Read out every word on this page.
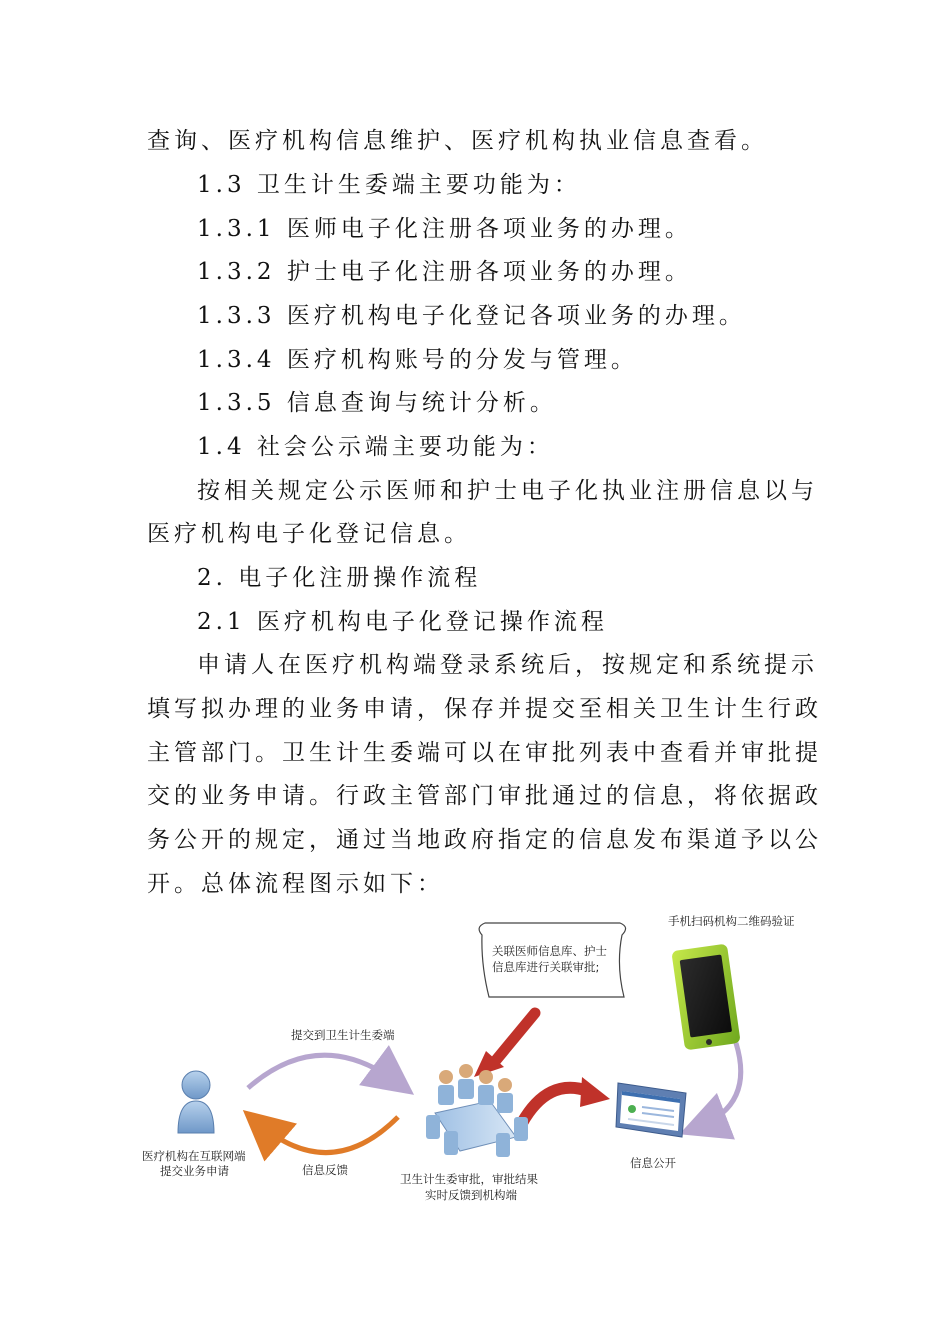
查询、医疗机构信息维护、医疗机构执业信息查看。
1.3 卫生计生委端主要功能为：
1.3.1 医师电子化注册各项业务的办理。
1.3.2 护士电子化注册各项业务的办理。
1.3.3 医疗机构电子化登记各项业务的办理。
1.3.4 医疗机构账号的分发与管理。
1.3.5 信息查询与统计分析。
1.4 社会公示端主要功能为：
按相关规定公示医师和护士电子化执业注册信息以与
医疗机构电子化登记信息。
2. 电子化注册操作流程
2.1 医疗机构电子化登记操作流程
申请人在医疗机构端登录系统后，按规定和系统提示
填写拟办理的业务申请，保存并提交至相关卫生计生行政
主管部门。卫生计生委端可以在审批列表中查看并审批提
交的业务申请。行政主管部门审批通过的信息，将依据政
务公开的规定，通过当地政府指定的信息发布渠道予以公
开。总体流程图示如下：
手机扫码机构二维码验证
关联医师信息库、护士
信息库进行关联审批;
提交到卫生计生委端
医疗机构在互联网端
提交业务申请	信息反馈
卫生计生委审批，审批结果
实时反馈到机构端
信息公开
